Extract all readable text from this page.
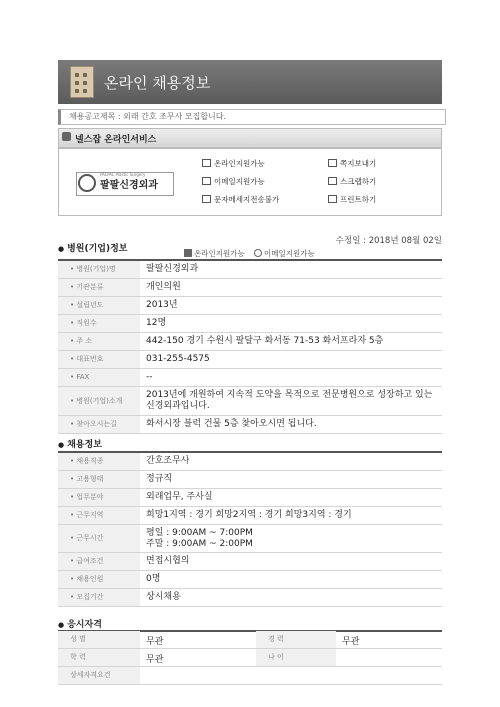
온라인 채용정보
채용공고제목 : 외래 간호 조무사 모집합니다.
넬스잡 온라인서비스
PALPAL Plastic Surgery
팔팔신경외과
온라인지원가능
이메일지원가능
문자메세지전송불가
쪽지보내기
스크랩하기
프린트하기
● 병원(기업)정보	온라인지원가능	이메일지원가능
수정일 : 2018년 08월 02일
• 병원(기업)명	팔팔신경외과
• 기관분류	개인의원
• 설립년도	2013년
• 직원수	12명
• 주 소	442-150 경기 수원시 팔달구 화서동 71-53 화서프라자 5층
• 대표번호	031-255-4575
• FAX	--
• 병원(기업)소개
2013년에 개원하여 지속적 도약을 목적으로 전문병원으로 성장하고 있는 신경외과입니다.
• 찾아오시는길	화서시장 블럭 건물 5층 찾아오시면 됩니다.
● 채용정보
• 채용직종	간호조무사
• 고용형태	정규직
• 업무분야	외래업무, 주사실
• 근무지역	희망1지역 : 경기 희망2지역 : 경기 희망3지역 : 경기
• 근무시간	평일 : 9:00AM ~ 7:00PM
주말 : 9:00AM ~ 2:00PM
• 급여조건	면접시협의
• 채용인원	0명
• 모집기간	상시채용
● 응시자격
성 별	무관	경 력	무관
학 력	무관	나 이
상세자격요건
